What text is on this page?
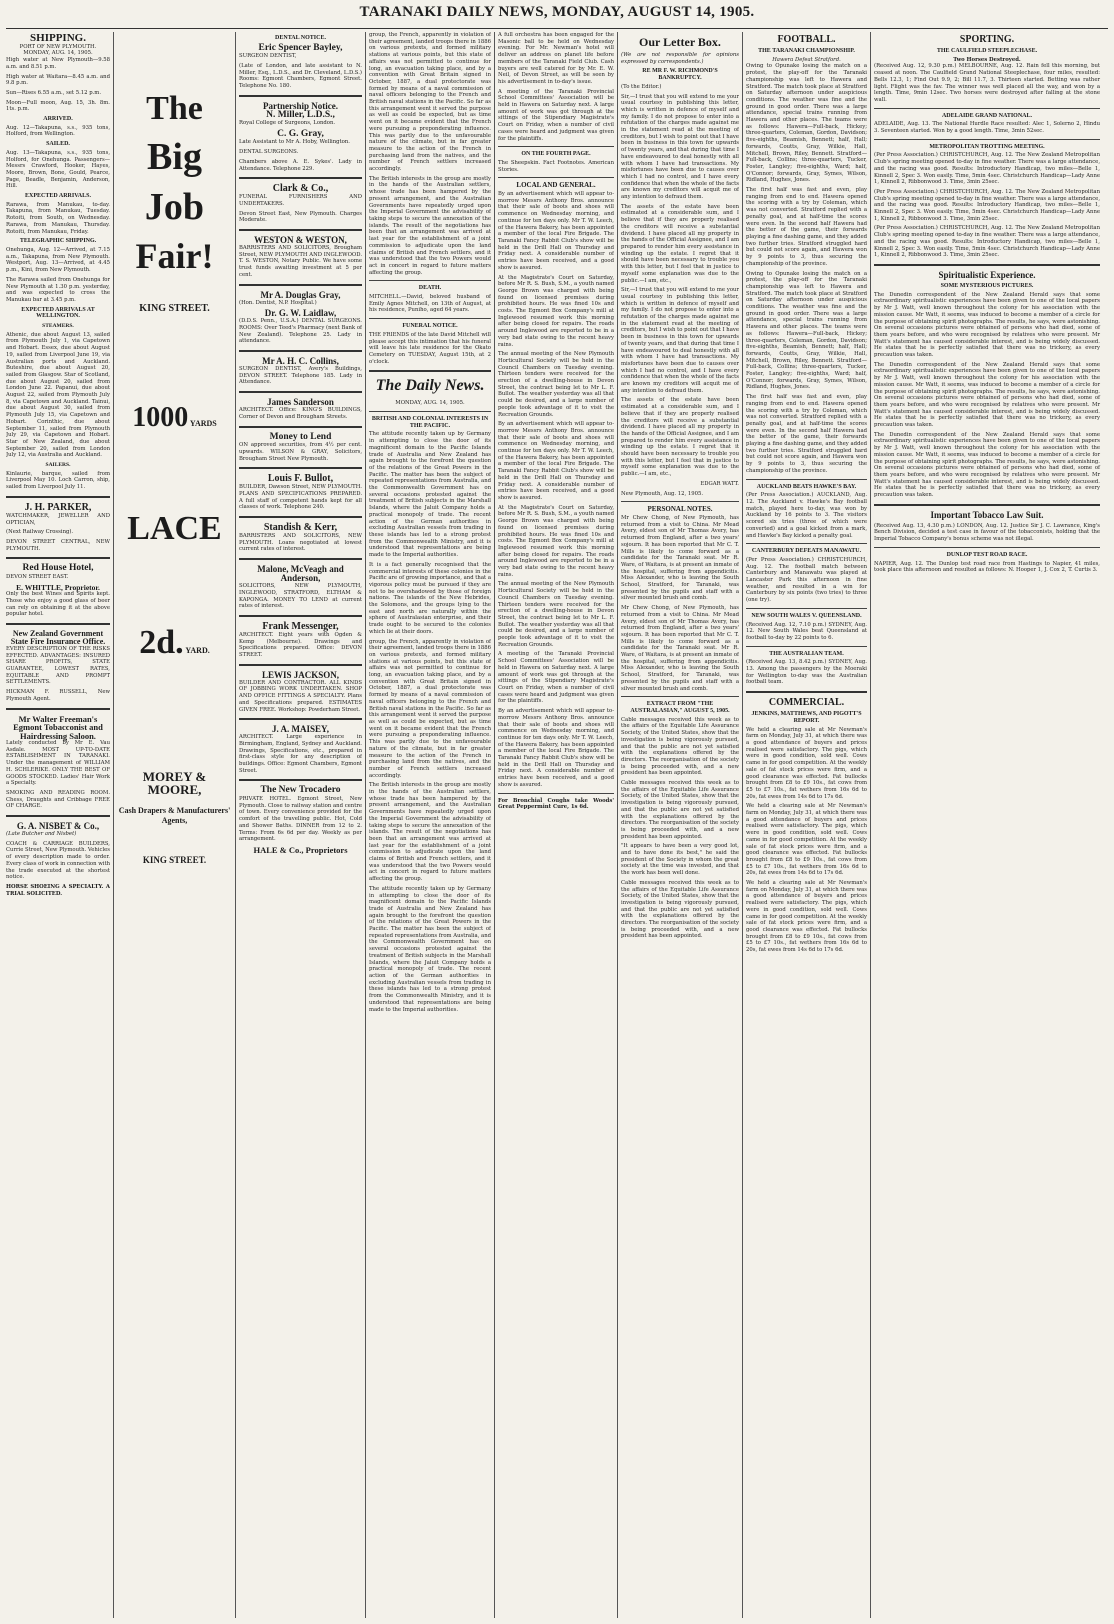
TARANAKI DAILY NEWS, MONDAY, AUGUST 14, 1905.
SHIPPING.
PORT OF NEW PLYMOUTH.
MONDAY, AUG. 14, 1905.

High water at New Plymouth—9.58 a.m. and 8.51 p.m.

High water at Waitara—8.45 a.m. and 9.8 p.m.

Sun—Rises 6.55 a.m., set 5.12 p.m.

Moon—Full moon, Aug. 15, 3h. 8m. 1ts. p.m.

ARRIVED.

Aug. 12—Takapuna, s.s., 935 tons, Holford, from Wellington.

SAILED.

Aug. 13—Takapuna, s.s., 935 tons, Holford, for Onehunga. Passengers—Messrs Crawford, Hooker, Hayes, Moore, Brown, Bone, Gould, Pearce, Page, Beadle, Benjamin, Anderson, Hill.

EXPECTED ARRIVALS.

Rarawa, from Manukau, to-day. Takapuna, from Manukau, Tuesday. Rotoiti, from South, on Wednesday. Rarawa, from Manukau, Thursday. Rotoiti, from Manukau, Friday.

TELEGRAPHIC SHIPPING.

Onehunga, Aug. 12—Arrived, at 7.15 a.m., Takapuna, from New Plymouth. Westport, Aug. 13—Arrived, at 4.45 p.m., Kini, from New Plymouth.

The Rarawa sailed from Onehunga for New Plymouth at 1.30 p.m. yesterday, and was expected to cross the Manukau bar at 3.45 p.m.

EXPECTED ARRIVALS AT WELLINGTON.
STEAMERS.

Athenic, due about August 13, sailed from Plymouth July 1, via Capetown and Hobart. Essex, due about August 19, sailed from Liverpool June 19, via Australian ports and Auckland. Buteshire, due about August 20, sailed from Glasgow. Star of Scotland, due about August 20, sailed from London June 22. Papanui, due about August 22, sailed from Plymouth July 8, via Capetown and Auckland. Tainui, due about August 30, sailed from Plymouth July 15, via Capetown and Hobart. Corinthic, due about September 11, sailed from Plymouth July 29, via Capetown and Hobart. Star of New Zealand, due about September 20, sailed from London July 12, via Australia and Auckland.

SAILERS.

Kinlaurie, barque, sailed from Liverpool May 10. Loch Carron, ship, sailed from Liverpool July 11.

J. H. PARKER,

WATCHMAKER, JEWELLER AND OPTICIAN,

(Next Railway Crossing).

DEVON STREET CENTRAL, NEW PLYMOUTH.

Red House Hotel,

DEVON STREET EAST.

E. WHITTLE, Proprietor.

Only the best Wines and Spirits kept. Those who enjoy a good glass of beer can rely on obtaining it at the above popular hotel.

New Zealand Government State Fire Insurance Office.

EVERY DESCRIPTION OF THE RISKS EFFECTED. ADVANTAGES: INSURED SHARE PROFITS, STATE GUARANTEE, LOWEST RATES, EQUITABLE AND PROMPT SETTLEMENTS.

HICKMAN F. RUSSELL, New Plymouth Agent.

Mr Walter Freeman's Egmont Tobacconist and Hairdressing Saloon.

Lately conducted by Mr E. Vau Asdale. MOST UP-TO-DATE ESTABLISHMENT IN TARANAKI. Under the management of WILLIAM H. SCHLERIKE. ONLY THE BEST OF GOODS STOCKED. Ladies' Hair Work a Specialty.

SMOKING AND READING ROOM. Chess, Draughts and Cribbage FREE OF CHARGE.

G. A. NISBET & Co.,

(Late Butcher and Nisbet)

COACH & CARRIAGE BUILDERS, Currie Street, New Plymouth. Vehicles of every description made to order. Every class of work in connection with the trade executed at the shortest notice.

HORSE SHOEING A SPECIALTY. A TRIAL SOLICITED.

The
Big
Job
Fair!
KING STREET.
1000 YARDS
LACE
2d. YARD.
MOREY & MOORE,
Cash Drapers & Manufacturers' Agents,
KING STREET.
DENTAL NOTICE.
Eric Spencer Bayley,

SURGEON DENTIST,

(Late of London, and late assistant to N. Miller, Esq., L.D.S., and Dr. Cleveland, L.D.S.) Rooms: Egmont Chambers, Egmont Street. Telephone No. 180.

Partnership Notice.
N. Miller, L.D.S.,

Royal College of Surgeons, London.

C. G. Gray,

Late Assistant to Mr A. Hoby, Wellington.

DENTAL SURGEONS.

Chambers above A. E. Sykes'. Lady in Attendance. Telephone 229.

Clark & Co.,

FUNERAL FURNISHERS AND UNDERTAKERS.

Devon Street East, New Plymouth. Charges Moderate.

WESTON & WESTON,

BARRISTERS AND SOLICITORS, Brougham Street, NEW PLYMOUTH AND INGLEWOOD. T. S. WESTON, Notary Public. We have some trust funds awaiting investment at 5 per cent.

Mr A. Douglas Gray,

(Hon. Dentist, N.P. Hospital.)

Dr. G. W. Laidlaw,

(D.D.S. Penn., U.S.A.) DENTAL SURGEONS. ROOMS: Over Teed's Pharmacy (next Bank of New Zealand). Telephone 25. Lady in attendance.

Mr A. H. C. Collins,

SURGEON DENTIST, Avery's Buildings, DEVON STREET. Telephone 185. Lady in Attendance.

James Sanderson

ARCHITECT. Office: KING'S BUILDINGS, Corner of Devon and Brougham Streets.

Money to Lend

ON approved securities, from 4½ per cent. upwards. WILSON & GRAY, Solicitors, Brougham Street New Plymouth.

Louis F. Bullot,

BUILDER, Dawson Street, NEW PLYMOUTH. PLANS AND SPECIFICATIONS PREPARED. A full staff of competent hands kept for all classes of work. Telephone 240.

Standish & Kerr,

BARRISTERS AND SOLICITORS, NEW PLYMOUTH. Loans negotiated at lowest current rates of interest.

Malone, McVeagh and Anderson,

SOLICITORS, NEW PLYMOUTH, INGLEWOOD, STRATFORD, ELTHAM & KAPONGA. MONEY TO LEND at current rates of interest.

Frank Messenger,

ARCHITECT. Eight years with Ogden & Kemp (Melbourne). Drawings and Specifications prepared. Office: DEVON STREET.

LEWIS JACKSON,

BUILDER AND CONTRACTOR. ALL KINDS OF JOBBING WORK UNDERTAKEN. SHOP AND OFFICE FITTINGS A SPECIALTY. Plans and Specifications prepared. ESTIMATES GIVEN FREE. Workshop: Powderham Street.

J. A. MAISEY,

ARCHITECT. Large experience in Birmingham, England, Sydney and Auckland. Drawings, Specifications, etc., prepared in first-class style for any description of buildings. Office: Egmont Chambers, Egmont Street.

The New Trocadero

PRIVATE HOTEL. Egmont Street, New Plymouth. Close to railway station and centre of town. Every convenience provided for the comfort of the travelling public. Hot, Cold and Shower Baths. DINNER from 12 to 2. Terms: From 6s 6d per day. Weekly as per arrangement.

HALE & Co., Proprietors

group, the French, apparently in violation of their agreement, landed troops there in 1886 on various pretexts, and formed military stations at various points, but this state of affairs was not permitted to continue for long, an evacuation taking place, and by a convention with Great Britain signed in October, 1887, a dual protectorate was formed by means of a naval commission of naval officers belonging to the French and British naval stations in the Pacific. So far as this arrangement went it served the purpose as well as could be expected, but as time went on it became evident that the French were pursuing a preponderating influence. This was partly due to the unfavourable nature of the climate, but in far greater measure to the action of the French in purchasing land from the natives, and the number of French settlers increased accordingly.

The British interests in the group are mostly in the hands of the Australian settlers, whose trade has been hampered by the present arrangement, and the Australian Governments have repeatedly urged upon the Imperial Government the advisability of taking steps to secure the annexation of the islands. The result of the negotiations has been that an arrangement was arrived at last year for the establishment of a joint commission to adjudicate upon the land claims of British and French settlers, and it was understood that the two Powers would act in concert in regard to future matters affecting the group.

DEATH.

MITCHELL.—David, beloved husband of Emily Agnes Mitchell, on 13th of August, at his residence, Puniho, aged 64 years.

FUNERAL NOTICE.

THE FRIENDS of the late David Mitchell will please accept this intimation that his funeral will leave his late residence for the Okato Cemetery on TUESDAY, August 15th, at 2 o'clock.

The Daily News.
MONDAY, AUG. 14, 1905.
BRITISH AND COLONIAL INTERESTS IN THE PACIFIC.

The attitude recently taken up by Germany in attempting to close the door of its magnificent domain to the Pacific Islands trade of Australia and New Zealand has again brought to the forefront the question of the relations of the Great Powers in the Pacific. The matter has been the subject of repeated representations from Australia, and the Commonwealth Government has on several occasions protested against the treatment of British subjects in the Marshall Islands, where the Jaluit Company holds a practical monopoly of trade. The recent action of the German authorities in excluding Australian vessels from trading in these islands has led to a strong protest from the Commonwealth Ministry, and it is understood that representations are being made to the Imperial authorities.

It is a fact generally recognised that the commercial interests of these colonies in the Pacific are of growing importance, and that a vigorous policy must be pursued if they are not to be overshadowed by those of foreign nations. The islands of the New Hebrides, the Solomons, and the groups lying to the east and north are naturally within the sphere of Australasian enterprise, and their trade ought to be secured to the colonies which lie at their doors.

group, the French, apparently in violation of their agreement, landed troops there in 1886 on various pretexts, and formed military stations at various points, but this state of affairs was not permitted to continue for long, an evacuation taking place, and by a convention with Great Britain signed in October, 1887, a dual protectorate was formed by means of a naval commission of naval officers belonging to the French and British naval stations in the Pacific. So far as this arrangement went it served the purpose as well as could be expected, but as time went on it became evident that the French were pursuing a preponderating influence. This was partly due to the unfavourable nature of the climate, but in far greater measure to the action of the French in purchasing land from the natives, and the number of French settlers increased accordingly.

The British interests in the group are mostly in the hands of the Australian settlers, whose trade has been hampered by the present arrangement, and the Australian Governments have repeatedly urged upon the Imperial Government the advisability of taking steps to secure the annexation of the islands. The result of the negotiations has been that an arrangement was arrived at last year for the establishment of a joint commission to adjudicate upon the land claims of British and French settlers, and it was understood that the two Powers would act in concert in regard to future matters affecting the group.

The attitude recently taken up by Germany in attempting to close the door of its magnificent domain to the Pacific Islands trade of Australia and New Zealand has again brought to the forefront the question of the relations of the Great Powers in the Pacific. The matter has been the subject of repeated representations from Australia, and the Commonwealth Government has on several occasions protested against the treatment of British subjects in the Marshall Islands, where the Jaluit Company holds a practical monopoly of trade. The recent action of the German authorities in excluding Australian vessels from trading in these islands has led to a strong protest from the Commonwealth Ministry, and it is understood that representations are being made to the Imperial authorities.

A full orchestra has been engaged for the Masonic ball to be held on Wednesday evening. For Mr. Newman's hotel will deliver an address on planet life before members of the Taranaki Field Club. Cash buyers are well catered for by Mr. E. W. Neil, of Devon Street, as will be seen by his advertisement in to-day's issue.

A meeting of the Taranaki Provincial School Committees' Association will be held in Hawera on Saturday next. A large amount of work was got through at the sittings of the Stipendiary Magistrate's Court on Friday, when a number of civil cases were heard and judgment was given for the plaintiffs.

ON THE FOURTH PAGE.

The Sheepskin. Fact Footnotes. American Stories.

LOCAL AND GENERAL.

By an advertisement which will appear to-morrow Messrs Anthony Bros. announce that their sale of boots and shoes will commence on Wednesday morning, and continue for ten days only. Mr T. W. Leech, of the Hawera Bakery, has been appointed a member of the local Fire Brigade. The Taranaki Fancy Rabbit Club's show will be held in the Drill Hall on Thursday and Friday next. A considerable number of entries have been received, and a good show is assured.

At the Magistrate's Court on Saturday, before Mr R. S. Bush, S.M., a youth named George Brown was charged with being found on licensed premises during prohibited hours. He was fined 10s and costs. The Egmont Box Company's mill at Inglewood resumed work this morning after being closed for repairs. The roads around Inglewood are reported to be in a very bad state owing to the recent heavy rains.

The annual meeting of the New Plymouth Horticultural Society will be held in the Council Chambers on Tuesday evening. Thirteen tenders were received for the erection of a dwelling-house in Devon Street, the contract being let to Mr L. F. Bullot. The weather yesterday was all that could be desired, and a large number of people took advantage of it to visit the Recreation Grounds.

By an advertisement which will appear to-morrow Messrs Anthony Bros. announce that their sale of boots and shoes will commence on Wednesday morning, and continue for ten days only. Mr T. W. Leech, of the Hawera Bakery, has been appointed a member of the local Fire Brigade. The Taranaki Fancy Rabbit Club's show will be held in the Drill Hall on Thursday and Friday next. A considerable number of entries have been received, and a good show is assured.

At the Magistrate's Court on Saturday, before Mr R. S. Bush, S.M., a youth named George Brown was charged with being found on licensed premises during prohibited hours. He was fined 10s and costs. The Egmont Box Company's mill at Inglewood resumed work this morning after being closed for repairs. The roads around Inglewood are reported to be in a very bad state owing to the recent heavy rains.

The annual meeting of the New Plymouth Horticultural Society will be held in the Council Chambers on Tuesday evening. Thirteen tenders were received for the erection of a dwelling-house in Devon Street, the contract being let to Mr L. F. Bullot. The weather yesterday was all that could be desired, and a large number of people took advantage of it to visit the Recreation Grounds.

A meeting of the Taranaki Provincial School Committees' Association will be held in Hawera on Saturday next. A large amount of work was got through at the sittings of the Stipendiary Magistrate's Court on Friday, when a number of civil cases were heard and judgment was given for the plaintiffs.

By an advertisement which will appear to-morrow Messrs Anthony Bros. announce that their sale of boots and shoes will commence on Wednesday morning, and continue for ten days only. Mr T. W. Leech, of the Hawera Bakery, has been appointed a member of the local Fire Brigade. The Taranaki Fancy Rabbit Club's show will be held in the Drill Hall on Thursday and Friday next. A considerable number of entries have been received, and a good show is assured.

For Bronchial Coughs take Woods' Great Peppermint Cure, 1s 6d.

Our Letter Box.

(We are not responsible for opinions expressed by correspondents.)

RE MR F. W. RICHMOND'S BANKRUPTCY.

(To the Editor.)

Sir,—I trust that you will extend to me your usual courtesy in publishing this letter, which is written in defence of myself and my family. I do not propose to enter into a refutation of the charges made against me in the statement read at the meeting of creditors, but I wish to point out that I have been in business in this town for upwards of twenty years, and that during that time I have endeavoured to deal honestly with all with whom I have had transactions. My misfortunes have been due to causes over which I had no control, and I have every confidence that when the whole of the facts are known my creditors will acquit me of any intention to defraud them.

The assets of the estate have been estimated at a considerable sum, and I believe that if they are properly realised the creditors will receive a substantial dividend. I have placed all my property in the hands of the Official Assignee, and I am prepared to render him every assistance in winding up the estate. I regret that it should have been necessary to trouble you with this letter, but I feel that in justice to myself some explanation was due to the public.—I am, etc.,

Sir,—I trust that you will extend to me your usual courtesy in publishing this letter, which is written in defence of myself and my family. I do not propose to enter into a refutation of the charges made against me in the statement read at the meeting of creditors, but I wish to point out that I have been in business in this town for upwards of twenty years, and that during that time I have endeavoured to deal honestly with all with whom I have had transactions. My misfortunes have been due to causes over which I had no control, and I have every confidence that when the whole of the facts are known my creditors will acquit me of any intention to defraud them.

The assets of the estate have been estimated at a considerable sum, and I believe that if they are properly realised the creditors will receive a substantial dividend. I have placed all my property in the hands of the Official Assignee, and I am prepared to render him every assistance in winding up the estate. I regret that it should have been necessary to trouble you with this letter, but I feel that in justice to myself some explanation was due to the public.—I am, etc.,

EDGAR WATT.

New Plymouth, Aug. 12, 1905.

PERSONAL NOTES.

Mr Chew Chong, of New Plymouth, has returned from a visit to China. Mr Mead Avery, eldest son of Mr Thomas Avery, has returned from England, after a two years' sojourn. It has been reported that Mr C. T. Mills is likely to come forward as a candidate for the Taranaki seat. Mr R. Ware, of Waitara, is at present an inmate of the hospital, suffering from appendicitis. Miss Alexander, who is leaving the South School, Stratford, for Taranaki, was presented by the pupils and staff with a silver mounted brush and comb.

Mr Chew Chong, of New Plymouth, has returned from a visit to China. Mr Mead Avery, eldest son of Mr Thomas Avery, has returned from England, after a two years' sojourn. It has been reported that Mr C. T. Mills is likely to come forward as a candidate for the Taranaki seat. Mr R. Ware, of Waitara, is at present an inmate of the hospital, suffering from appendicitis. Miss Alexander, who is leaving the South School, Stratford, for Taranaki, was presented by the pupils and staff with a silver mounted brush and comb.

EXTRACT FROM "THE AUSTRALASIAN," AUGUST 5, 1905.

Cable messages received this week as to the affairs of the Equitable Life Assurance Society, of the United States, show that the investigation is being vigorously pursued, and that the public are not yet satisfied with the explanations offered by the directors. The reorganisation of the society is being proceeded with, and a new president has been appointed.

Cable messages received this week as to the affairs of the Equitable Life Assurance Society, of the United States, show that the investigation is being vigorously pursued, and that the public are not yet satisfied with the explanations offered by the directors. The reorganisation of the society is being proceeded with, and a new president has been appointed.

"It appears to have been a very good lot, and to have done its best," he said the president of the Society in whom the great society at the time was invested, and that the work has been well done.

Cable messages received this week as to the affairs of the Equitable Life Assurance Society, of the United States, show that the investigation is being vigorously pursued, and that the public are not yet satisfied with the explanations offered by the directors. The reorganisation of the society is being proceeded with, and a new president has been appointed.

FOOTBALL.
THE TARANAKI CHAMPIONSHIP.
Hawera Defeat Stratford.

Owing to Opunake losing the match on a protest, the play-off for the Taranaki championship was left to Hawera and Stratford. The match took place at Stratford on Saturday afternoon under auspicious conditions. The weather was fine and the ground in good order. There was a large attendance, special trains running from Hawera and other places. The teams were as follows: Hawera—Full-back, Hickey; three-quarters, Coleman, Gordon, Davidson; five-eighths, Beamish, Bennett; half, Hall; forwards, Coutts, Gray, Wilkie, Hall, Mitchell, Brown, Riley, Bennett. Stratford—Full-back, Collins; three-quarters, Tucker, Foster, Langley; five-eighths, Ward; half, O'Connor; forwards, Gray, Symes, Wilson, Ridland, Hughes, Jones.

The first half was fast and even, play ranging from end to end. Hawera opened the scoring with a try by Coleman, which was not converted. Stratford replied with a penalty goal, and at half-time the scores were even. In the second half Hawera had the better of the game, their forwards playing a fine dashing game, and they added two further tries. Stratford struggled hard but could not score again, and Hawera won by 9 points to 3, thus securing the championship of the province.

Owing to Opunake losing the match on a protest, the play-off for the Taranaki championship was left to Hawera and Stratford. The match took place at Stratford on Saturday afternoon under auspicious conditions. The weather was fine and the ground in good order. There was a large attendance, special trains running from Hawera and other places. The teams were as follows: Hawera—Full-back, Hickey; three-quarters, Coleman, Gordon, Davidson; five-eighths, Beamish, Bennett; half, Hall; forwards, Coutts, Gray, Wilkie, Hall, Mitchell, Brown, Riley, Bennett. Stratford—Full-back, Collins; three-quarters, Tucker, Foster, Langley; five-eighths, Ward; half, O'Connor; forwards, Gray, Symes, Wilson, Ridland, Hughes, Jones.

The first half was fast and even, play ranging from end to end. Hawera opened the scoring with a try by Coleman, which was not converted. Stratford replied with a penalty goal, and at half-time the scores were even. In the second half Hawera had the better of the game, their forwards playing a fine dashing game, and they added two further tries. Stratford struggled hard but could not score again, and Hawera won by 9 points to 3, thus securing the championship of the province.

AUCKLAND BEATS HAWKE'S BAY.

(Per Press Association.) AUCKLAND, Aug. 12. The Auckland v. Hawke's Bay football match, played here to-day, was won by Auckland by 16 points to 3. The visitors scored six tries (three of which were converted) and a goal kicked from a mark, and Hawke's Bay kicked a penalty goal.

CANTERBURY DEFEATS MANAWATU.

(Per Press Association.) CHRISTCHURCH, Aug. 12. The football match between Canterbury and Manawatu was played at Lancaster Park this afternoon in fine weather, and resulted in a win for Canterbury by six points (two tries) to three (one try).

NEW SOUTH WALES V. QUEENSLAND.

(Received Aug. 12, 7.10 p.m.) SYDNEY, Aug. 12. New South Wales beat Queensland at football to-day by 22 points to 6.

THE AUSTRALIAN TEAM.

(Received Aug. 13, 8.42 p.m.) SYDNEY, Aug. 13. Among the passengers by the Moeraki for Wellington to-day was the Australian football team.

COMMERCIAL.
JENKINS, MATTHEWS, AND PIGOTT'S REPORT.

We held a clearing sale at Mr Newman's farm on Monday, July 31, at which there was a good attendance of buyers and prices realised were satisfactory. The pigs, which were in good condition, sold well. Cows came in for good competition. At the weekly sale of fat stock prices were firm, and a good clearance was effected. Fat bullocks brought from £8 to £9 10s., fat cows from £5 to £7 10s., fat wethers from 16s 6d to 20s, fat ewes from 14s 6d to 17s 6d.

We held a clearing sale at Mr Newman's farm on Monday, July 31, at which there was a good attendance of buyers and prices realised were satisfactory. The pigs, which were in good condition, sold well. Cows came in for good competition. At the weekly sale of fat stock prices were firm, and a good clearance was effected. Fat bullocks brought from £8 to £9 10s., fat cows from £5 to £7 10s., fat wethers from 16s 6d to 20s, fat ewes from 14s 6d to 17s 6d.

We held a clearing sale at Mr Newman's farm on Monday, July 31, at which there was a good attendance of buyers and prices realised were satisfactory. The pigs, which were in good condition, sold well. Cows came in for good competition. At the weekly sale of fat stock prices were firm, and a good clearance was effected. Fat bullocks brought from £8 to £9 10s., fat cows from £5 to £7 10s., fat wethers from 16s 6d to 20s, fat ewes from 14s 6d to 17s 6d.

SPORTING.
THE CAULFIELD STEEPLECHASE.
Two Horses Destroyed.

(Received Aug. 12, 9.30 p.m.) MELBOURNE, Aug. 12. Rain fell this morning, but ceased at noon. The Caulfield Grand National Steeplechase, four miles, resulted: Bells 12.3, 1; Find Out 9.9, 2; Bill 11.7, 3. Thirteen started. Betting was rather light. Flight was the fav. The winner was well placed all the way, and won by a length. Time, 9min 12sec. Two horses were destroyed after falling at the stone wall.

ADELAIDE GRAND NATIONAL.

ADELAIDE, Aug. 13. The National Hurdle Race resulted: Alec 1, Solerno 2, Hindu 3. Seventeen started. Won by a good length. Time, 3min 52sec.

METROPOLITAN TROTTING MEETING.

(Per Press Association.) CHRISTCHURCH, Aug. 12. The New Zealand Metropolitan Club's spring meeting opened to-day in fine weather. There was a large attendance, and the racing was good. Results: Introductory Handicap, two miles—Belle 1, Kinnell 2, Spec 3. Won easily. Time, 5min 4sec. Christchurch Handicap—Lady Anne 1, Kinnell 2, Ribbonwood 3. Time, 3min 25sec.

(Per Press Association.) CHRISTCHURCH, Aug. 12. The New Zealand Metropolitan Club's spring meeting opened to-day in fine weather. There was a large attendance, and the racing was good. Results: Introductory Handicap, two miles—Belle 1, Kinnell 2, Spec 3. Won easily. Time, 5min 4sec. Christchurch Handicap—Lady Anne 1, Kinnell 2, Ribbonwood 3. Time, 3min 25sec.

(Per Press Association.) CHRISTCHURCH, Aug. 12. The New Zealand Metropolitan Club's spring meeting opened to-day in fine weather. There was a large attendance, and the racing was good. Results: Introductory Handicap, two miles—Belle 1, Kinnell 2, Spec 3. Won easily. Time, 5min 4sec. Christchurch Handicap—Lady Anne 1, Kinnell 2, Ribbonwood 3. Time, 3min 25sec.

Spiritualistic Experience.
SOME MYSTERIOUS PICTURES.

The Dunedin correspondent of the New Zealand Herald says that some extraordinary spiritualistic experiences have been given to one of the local papers by Mr J. Watt, well known throughout the colony for his association with the mission cause. Mr Watt, it seems, was induced to become a member of a circle for the purpose of obtaining spirit photographs. The results, he says, were astonishing. On several occasions pictures were obtained of persons who had died, some of them years before, and who were recognised by relatives who were present. Mr Watt's statement has caused considerable interest, and is being widely discussed. He states that he is perfectly satisfied that there was no trickery, as every precaution was taken.

The Dunedin correspondent of the New Zealand Herald says that some extraordinary spiritualistic experiences have been given to one of the local papers by Mr J. Watt, well known throughout the colony for his association with the mission cause. Mr Watt, it seems, was induced to become a member of a circle for the purpose of obtaining spirit photographs. The results, he says, were astonishing. On several occasions pictures were obtained of persons who had died, some of them years before, and who were recognised by relatives who were present. Mr Watt's statement has caused considerable interest, and is being widely discussed. He states that he is perfectly satisfied that there was no trickery, as every precaution was taken.

The Dunedin correspondent of the New Zealand Herald says that some extraordinary spiritualistic experiences have been given to one of the local papers by Mr J. Watt, well known throughout the colony for his association with the mission cause. Mr Watt, it seems, was induced to become a member of a circle for the purpose of obtaining spirit photographs. The results, he says, were astonishing. On several occasions pictures were obtained of persons who had died, some of them years before, and who were recognised by relatives who were present. Mr Watt's statement has caused considerable interest, and is being widely discussed. He states that he is perfectly satisfied that there was no trickery, as every precaution was taken.

Important Tobacco Law Suit.

(Received Aug. 13, 4.30 p.m.) LONDON, Aug. 12. Justice Sir J. C. Lawrance, King's Bench Division, decided a test case in favour of the tobacconists, holding that the Imperial Tobacco Company's bonus scheme was not illegal.

DUNLOP TEST ROAD RACE.

NAPIER, Aug. 12. The Dunlop test road race from Hastings to Napier, 41 miles, took place this afternoon and resulted as follows: N. Hooper 1, J. Cox 2, T. Curtis 3.
